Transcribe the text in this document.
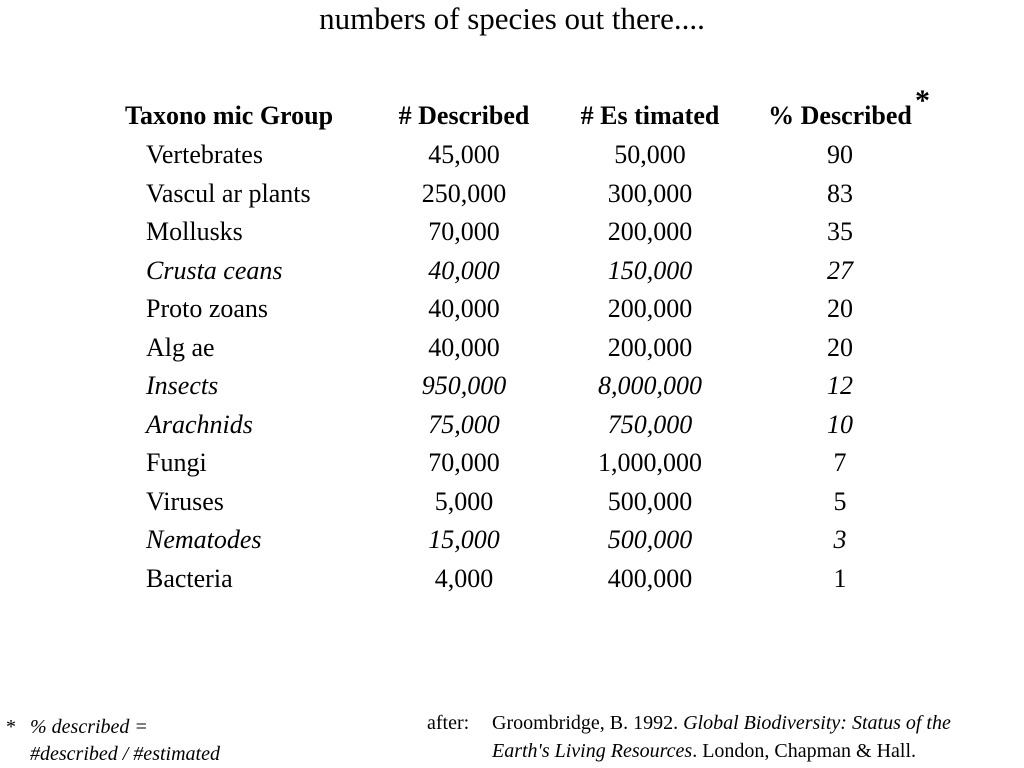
numbers of species out there....
Taxono mic Group	# Described	# Es timated	% Described *
Vertebrates	45,000	50,000	90
Vascul ar plants	250,000	300,000	83
Mollusks	70,000	200,000	35
Crusta ceans	40,000	150,000	27
Proto zoans	40,000	200,000	20
Alg ae	40,000	200,000	20
Insects	950,000	8,000,000	12
Arachnids	75,000	750,000	10
Fungi	70,000	1,000,000	7
Viruses	5,000	500,000	5
Nematodes	15,000	500,000	3
Bacteria	4,000	400,000	1
* % described =
#described / #estimated
after: Groombridge, B. 1992. Global Biodiversity: Status of the
Earth's Living Resources. London, Chapman & Hall.
